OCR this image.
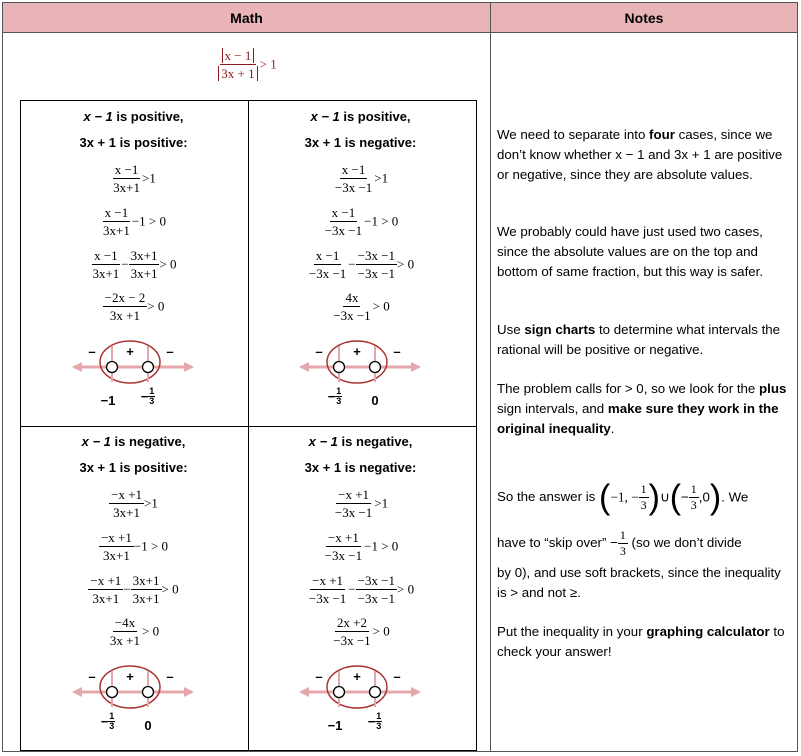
Math	Notes
$\frac{x - 1}{3x + 1} > 1$
x − 1 is positive,
3x + 1 is positive:
$\frac{x -1}{3x+1} >1$
$\frac{x -1}{3x+1} -1 > 0$
$\frac{x -1}{3x+1} - \frac{3x+1}{3x+1} > 0$
$\frac{-2x - 2}{3x +1} > 0$
– +	–
−1	− $\frac{1}{3}$
x − 1 is positive,
3x + 1 is negative:
$\frac{x -1}{-3x -1} >1$
$\frac{x -1}{-3x -1} -1 > 0$
$\frac{x -1}{-3x -1} - \frac{-3x -1}{-3x -1} > 0$
$\frac{4x}{-3x -1} > 0$
– +	–
− $\frac{1}{3}$	0
x − 1 is negative,
3x + 1 is positive:
$\frac{-x +1}{3x+1} >1$
$\frac{-x +1}{3x+1} -1 > 0$
$\frac{-x +1}{3x+1} - \frac{3x+1}{3x+1} > 0$
$\frac{-4x}{3x +1} > 0$
– +	–
− $\frac{1}{3}$	0
x − 1 is negative,
3x + 1 is negative:
$\frac{-x +1}{-3x -1} >1$
$\frac{-x +1}{-3x -1} -1 > 0$
$\frac{-x +1}{-3x -1} - \frac{-3x -1}{-3x -1} > 0$
$\frac{2x +2}{-3x -1} > 0$
– +	–
−1	− $\frac{1}{3}$

We need to separate into four cases, since we don’t know whether x − 1 and 3x + 1 are positive or negative, since they are absolute values.

We probably could have just used two cases, since the absolute values are on the top and bottom of same fraction, but this way is safer.

Use sign charts to determine what intervals the rational will be positive or negative.

The problem calls for > 0, so we look for the plus sign intervals, and make sure they work in the original inequality.

So the answer is (−1, − $\frac{1}{3}$ )∪(− $\frac{1}{3} ,0$). We
have to “skip over” − $\frac{1}{3} (so$ we don’t divide

by 0), and use soft brackets, since the inequality is > and not ≥.

Put the inequality in your graphing calculator to check your answer!
